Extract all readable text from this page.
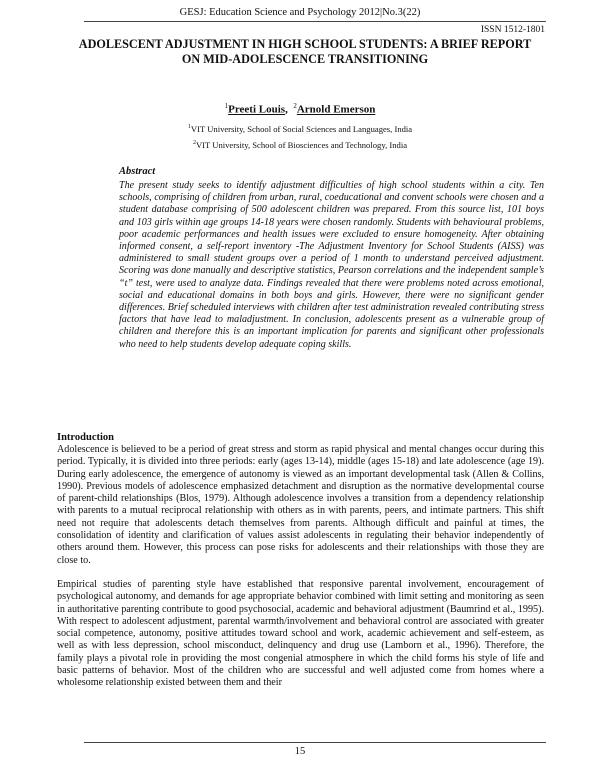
GESJ: Education Science and Psychology 2012|No.3(22)
ISSN 1512-1801
ADOLESCENT ADJUSTMENT IN HIGH SCHOOL STUDENTS: A BRIEF REPORT ON MID-ADOLESCENCE TRANSITIONING
$^1$Preeti Louis,  $^2$Arnold Emerson
$^1$VIT University, School of Social Sciences and Languages, India
$^2$VIT University, School of Biosciences and Technology, India
Abstract
The present study seeks to identify adjustment difficulties of high school students within a city. Ten schools, comprising of children from urban, rural, coeducational and convent schools were chosen and a student database comprising of 500 adolescent children was prepared. From this source list, 101 boys and 103 girls within age groups 14-18 years were chosen randomly. Students with behavioural problems, poor academic performances and health issues were excluded to ensure homogeneity. After obtaining informed consent, a self-report inventory -The Adjustment Inventory for School Students (AISS) was administered to small student groups over a period of 1 month to understand perceived adjustment. Scoring was done manually and descriptive statistics, Pearson correlations and the independent sample’s “t” test, were used to analyze data. Findings revealed that there were problems noted across emotional, social and educational domains in both boys and girls. However, there were no significant gender differences. Brief scheduled interviews with children after test administration revealed contributing stress factors that have lead to maladjustment. In conclusion, adolescents present as a vulnerable group of children and therefore this is an important implication for parents and significant other professionals who need to help students develop adequate coping skills.
Introduction

Adolescence is believed to be a period of great stress and storm as rapid physical and mental changes occur during this period. Typically, it is divided into three periods: early (ages 13-14), middle (ages 15-18) and late adolescence (age 19). During early adolescence, the emergence of autonomy is viewed as an important developmental task (Allen & Collins, 1990). Previous models of adolescence emphasized detachment and disruption as the normative developmental course of parent-child relationships (Blos, 1979). Although adolescence involves a transition from a dependency relationship with parents to a mutual reciprocal relationship with others as in with parents, peers, and intimate partners. This shift need not require that adolescents detach themselves from parents. Although difficult and painful at times, the consolidation of identity and clarification of values assist adolescents in regulating their behavior independently of others around them. However, this process can pose risks for adolescents and their relationships with those they are close to.

Empirical studies of parenting style have established that responsive parental involvement, encouragement of psychological autonomy, and demands for age appropriate behavior combined with limit setting and monitoring as seen in authoritative parenting contribute to good psychosocial, academic and behavioral adjustment (Baumrind et al., 1995). With respect to adolescent adjustment, parental warmth/involvement and behavioral control are associated with greater social competence, autonomy, positive attitudes toward school and work, academic achievement and self-esteem, as well as with less depression, school misconduct, delinquency and drug use (Lamborn et al., 1996). Therefore, the family plays a pivotal role in providing the most congenial atmosphere in which the child forms his style of life and basic patterns of behavior. Most of the children who are successful and well adjusted come from homes where a wholesome relationship existed between them and their

15
